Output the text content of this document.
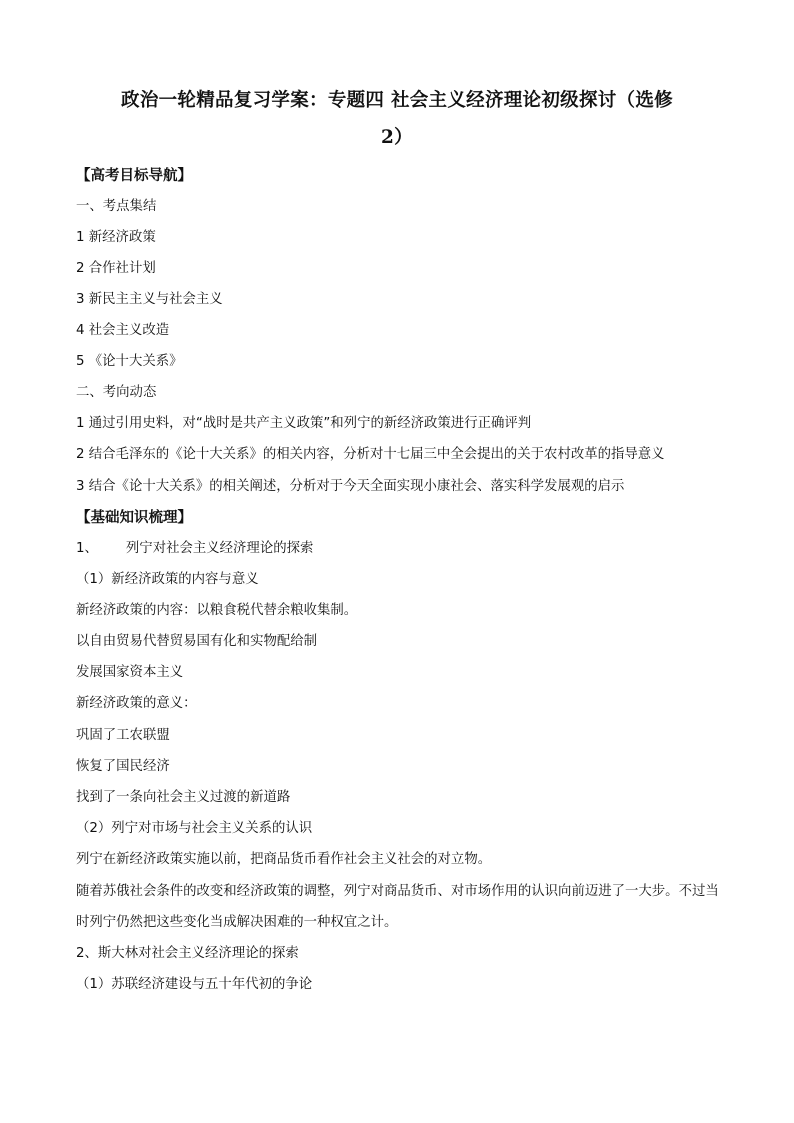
政治一轮精品复习学案：专题四 社会主义经济理论初级探讨（选修
2）
【高考目标导航】
一、考点集结
1 新经济政策
2 合作社计划
3 新民主主义与社会主义
4 社会主义改造
5 《论十大关系》
二、考向动态
1 通过引用史料，对“战时是共产主义政策”和列宁的新经济政策进行正确评判
2 结合毛泽东的《论十大关系》的相关内容，分析对十七届三中全会提出的关于农村改革的指导意义
3 结合《论十大关系》的相关阐述，分析对于今天全面实现小康社会、落实科学发展观的启示
【基础知识梳理】
1、 列宁对社会主义经济理论的探索
（1）新经济政策的内容与意义
新经济政策的内容：以粮食税代替余粮收集制。
以自由贸易代替贸易国有化和实物配给制
发展国家资本主义
新经济政策的意义：
巩固了工农联盟
恢复了国民经济
找到了一条向社会主义过渡的新道路
（2）列宁对市场与社会主义关系的认识
列宁在新经济政策实施以前，把商品货币看作社会主义社会的对立物。
随着苏俄社会条件的改变和经济政策的调整，列宁对商品货币、对市场作用的认识向前迈进了一大步。不过当时列宁仍然把这些变化当成解决困难的一种权宜之计。
2、斯大林对社会主义经济理论的探索
（1）苏联经济建设与五十年代初的争论
